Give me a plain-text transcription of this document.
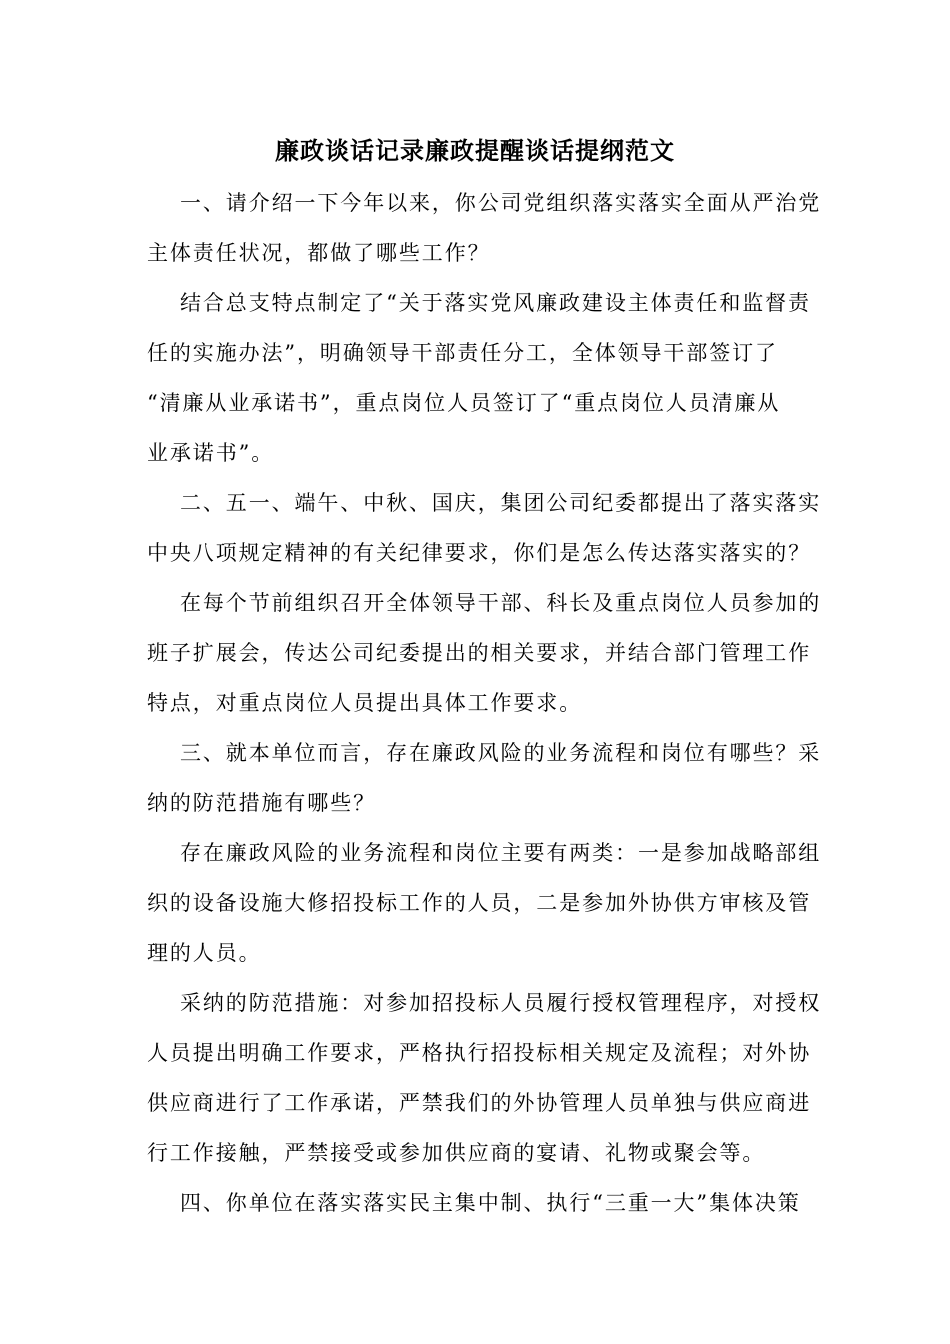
廉政谈话记录廉政提醒谈话提纲范文
一、请介绍一下今年以来，你公司党组织落实落实全面从严治党
主体责任状况，都做了哪些工作？
结合总支特点制定了“关于落实党风廉政建设主体责任和监督责
任的实施办法”，明确领导干部责任分工，全体领导干部签订了
“清廉从业承诺书”，重点岗位人员签订了“重点岗位人员清廉从
业承诺书”。
二、五一、端午、中秋、国庆，集团公司纪委都提出了落实落实
中央八项规定精神的有关纪律要求，你们是怎么传达落实落实的？
在每个节前组织召开全体领导干部、科长及重点岗位人员参加的
班子扩展会，传达公司纪委提出的相关要求，并结合部门管理工作
特点，对重点岗位人员提出具体工作要求。
三、就本单位而言，存在廉政风险的业务流程和岗位有哪些？采
纳的防范措施有哪些？
存在廉政风险的业务流程和岗位主要有两类：一是参加战略部组
织的设备设施大修招投标工作的人员，二是参加外协供方审核及管
理的人员。
采纳的防范措施：对参加招投标人员履行授权管理程序，对授权
人员提出明确工作要求，严格执行招投标相关规定及流程；对外协
供应商进行了工作承诺，严禁我们的外协管理人员单独与供应商进
行工作接触，严禁接受或参加供应商的宴请、礼物或聚会等。
四、你单位在落实落实民主集中制、执行“三重一大”集体决策
